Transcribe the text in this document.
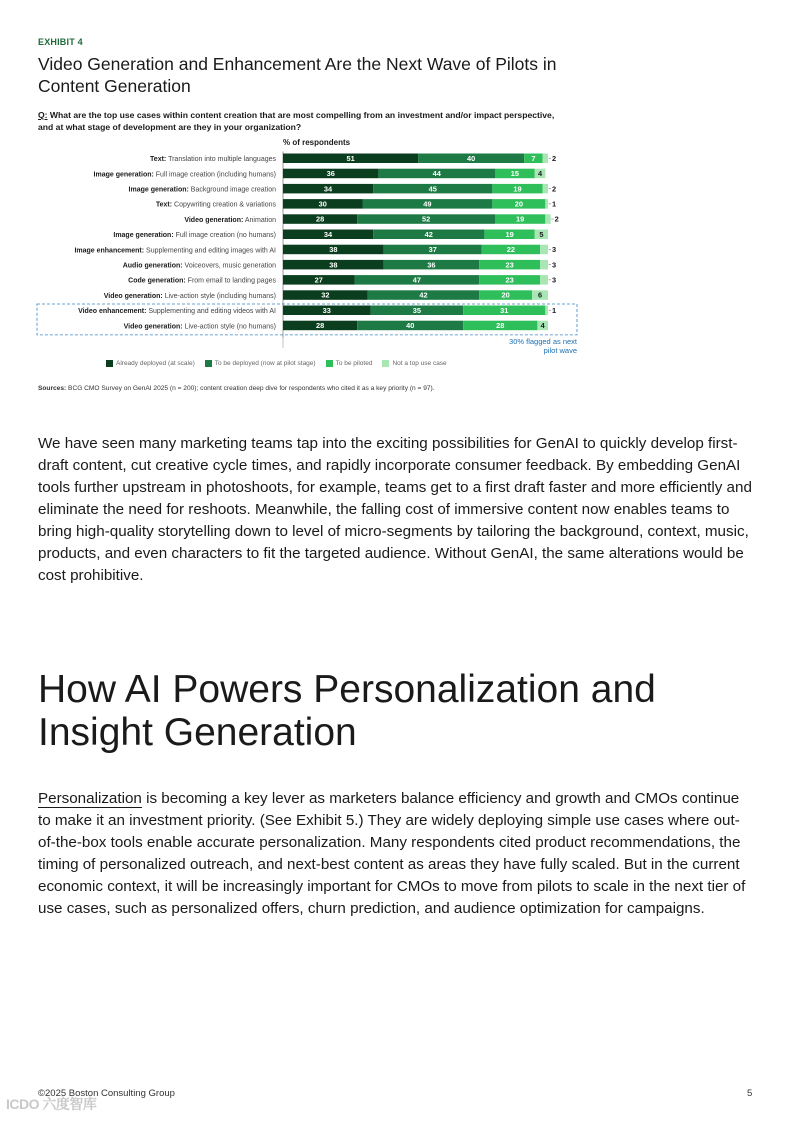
EXHIBIT 4
Video Generation and Enhancement Are the Next Wave of Pilots in Content Generation
Q: What are the top use cases within content creation that are most compelling from an investment and/or impact perspective, and at what stage of development are they in your organization?
% of respondents
Text: Translation into multiple languages	51	40	7 2
Image generation: Full image creation (including humans)	36	44	15	4
Image generation: Background image creation	34	45	19	2
Text: Copywriting creation & variations	30	49	20	1
Video generation: Animation	28	52	19	2
Image generation: Full image creation (no humans)	34	42	19	5
Image enhancement: Supplementing and editing images with AI	38	37	22	3
Audio generation: Voiceovers, music generation	38	36	23	3
Code generation: From email to landing pages	27	47	23	3
Video generation: Live-action style (including humans)	32	42	20	6
Video enhancement: Supplementing and editing videos with AI	33	35	31	1
Video generation: Live-action style (no humans)	28	40	28	4
30% flagged as next pilot wave
Already deployed (at scale)	To be deployed (now at pilot stage)	To be piloted	Not a top use case
Sources: BCG CMO Survey on GenAI 2025 (n = 200); content creation deep dive for respondents who cited it as a key priority (n = 97).

We have seen many marketing teams tap into the exciting possibilities for GenAI to quickly develop first-draft content, cut creative cycle times, and rapidly incorporate consumer feedback. By embedding GenAI tools further upstream in photoshoots, for example, teams get to a first draft faster and more efficiently and eliminate the need for reshoots. Meanwhile, the falling cost of immersive content now enables teams to bring high-quality storytelling down to level of micro-segments by tailoring the background, context, music, products, and even characters to fit the targeted audience. Without GenAI, the same alterations would be cost prohibitive.

How AI Powers Personalization and Insight Generation

Personalization is becoming a key lever as marketers balance efficiency and growth and CMOs continue to make it an investment priority. (See Exhibit 5.) They are widely deploying simple use cases where out-of-the-box tools enable accurate personalization. Many respondents cited product recommendations, the timing of personalized outreach, and next-best content as areas they have fully scaled. But in the current economic context, it will be increasingly important for CMOs to move from pilots to scale in the next tier of use cases, such as personalized offers, churn prediction, and audience optimization for campaigns.

©2025 Boston Consulting Group	5
ICDO 六度智库
